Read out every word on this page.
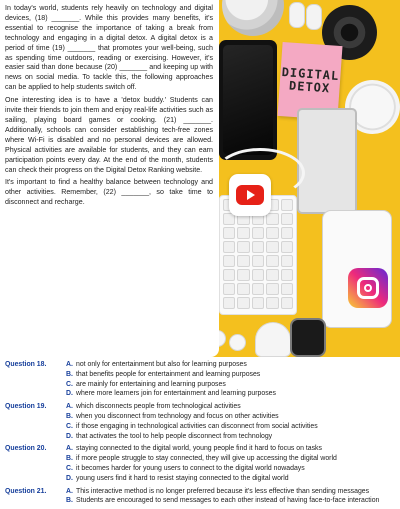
DIGITAL
DETOX

In today's world, students rely heavily on technology and digital devices, (18) _______. While this provides many benefits, it's essential to recognise the importance of taking a break from technology and engaging in a digital detox. A digital detox is a period of time (19) _______ that promotes your well-being, such as spending time outdoors, reading or exercising. However, it's easier said than done because (20) _______ and keeping up with news on social media. To tackle this, the following approaches can be applied to help students switch off.

One interesting idea is to have a 'detox buddy.' Students can invite their friends to join them and enjoy real-life activities such as sailing, playing board games or cooking. (21) _______. Additionally, schools can consider establishing tech-free zones where Wi-Fi is disabled and no personal devices are allowed. Physical activities are available for students, and they can earn participation points every day. At the end of the month, students can check their progress on the Digital Detox Ranking website.

It's important to find a healthy balance between technology and other activities. Remember, (22) _______, so take time to disconnect and recharge.

Question 18.	A. not only for entertainment but also for learning purposes
B. that benefits people for entertainment and learning purposes
C. are mainly for entertaining and learning purposes
D. where more learners join for entertainment and learning purposes
Question 19.	A. which disconnects people from technological activities
B. when you disconnect from technology and focus on other activities
C. if those engaging in technological activities can disconnect from social activities
D. that activates the tool to help people disconnect from technology
Question 20.	A. staying connected to the digital world, young people find it hard to focus on tasks
B. if more people struggle to stay connected, they will give up accessing the digital world
C. it becomes harder for young users to connect to the digital world nowadays
D. young users find it hard to resist staying connected to the digital world
Question 21.	A. This interactive method is no longer preferred because it's less effective than sending messages
B. Students are encouraged to send messages to each other instead of having face-to-face interaction
